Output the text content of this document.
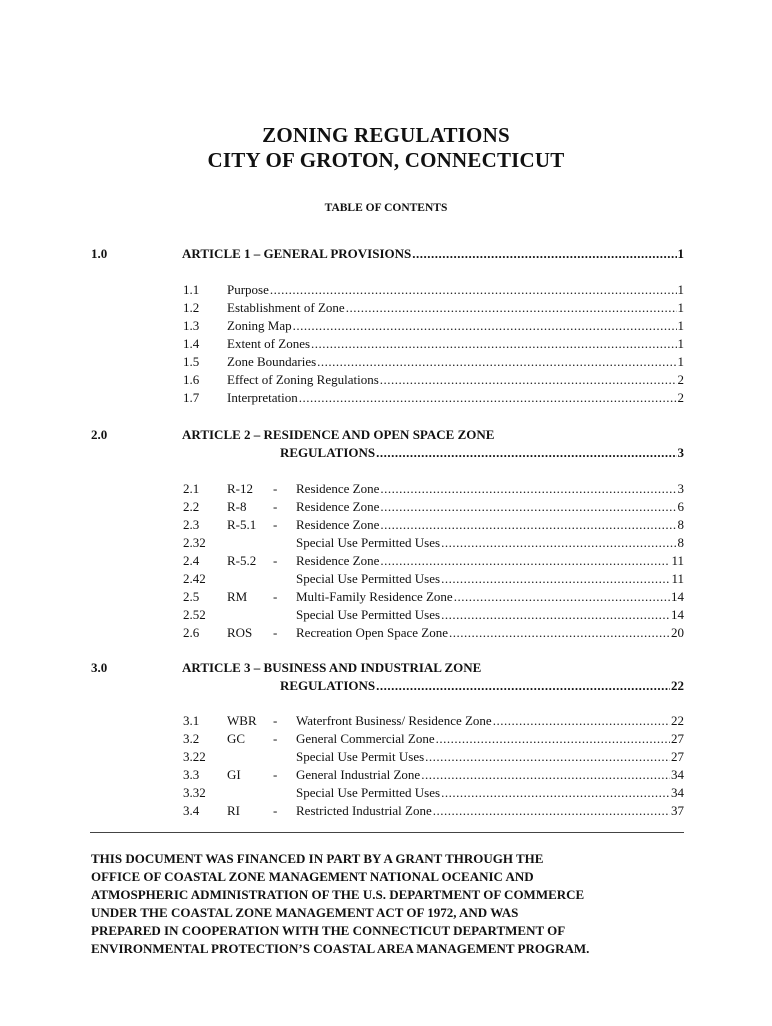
ZONING REGULATIONS
CITY OF GROTON, CONNECTICUT
TABLE OF CONTENTS
1.0	ARTICLE 1 – GENERAL PROVISIONS .....	1
1.1 Purpose .....	1
1.2 Establishment of Zone .....	1
1.3 Zoning Map .....	1
1.4 Extent of Zones .....	1
1.5 Zone Boundaries .....	1
1.6 Effect of Zoning Regulations .....	2
1.7 Interpretation .....	2
2.0	ARTICLE 2 – RESIDENCE AND OPEN SPACE ZONE
REGULATIONS .....	3
2.1 R-12 - Residence Zone .....	3
2.2 R-8 - Residence Zone .....	6
2.3 R-5.1 - Residence Zone .....	8
2.32	Special Use Permitted Uses .....	8
2.4 R-5.2 - Residence Zone .....	11
2.42	Special Use Permitted Uses .....	11
2.5 RM - Multi-Family Residence Zone .....	14
2.52	Special Use Permitted Uses .....	14
2.6 ROS - Recreation Open Space Zone .....	20
3.0	ARTICLE 3 – BUSINESS AND INDUSTRIAL ZONE
REGULATIONS .....	22
3.1 WBR - Waterfront Business/ Residence Zone .....	22
3.2 GC - General Commercial Zone .....	27
3.22	Special Use Permit Uses .....	27
3.3 GI - General Industrial Zone .....	34
3.32	Special Use Permitted Uses .....	34
3.4 RI	- Restricted Industrial Zone .....	37
THIS DOCUMENT WAS FINANCED IN PART BY A GRANT THROUGH THE
OFFICE OF COASTAL ZONE MANAGEMENT NATIONAL OCEANIC AND
ATMOSPHERIC ADMINISTRATION OF THE U.S. DEPARTMENT OF COMMERCE
UNDER THE COASTAL ZONE MANAGEMENT ACT OF 1972, AND WAS
PREPARED IN COOPERATION WITH THE CONNECTICUT DEPARTMENT OF
ENVIRONMENTAL PROTECTION’S COASTAL AREA MANAGEMENT PROGRAM.
